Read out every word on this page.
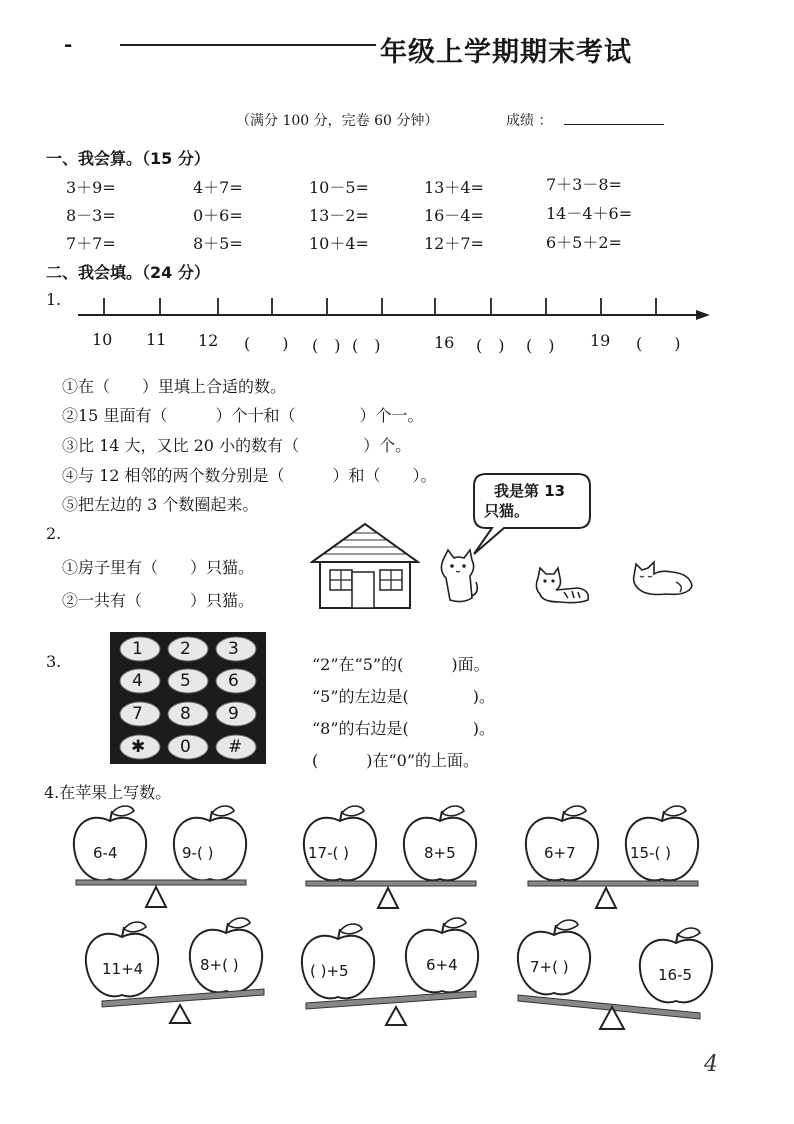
-	年级上学期期末考试
（满分 100 分，完卷 60 分钟）	成绩 ：
一、我会算。（15 分）
3＋9=	4＋7=	10－5=	13＋4=	7＋3－8=
8－3=	0＋6=	13－2=	16－4=	14－4＋6=
7＋7=	8＋5=	10＋4=	12＋7=	6＋5＋2=
二、我会填。（24 分）
1.
10 11 12 (　　) (　) (　)	16 (　) (　) 19 (　　)
①在（　　）里填上合适的数。
②15 里面有（　　　）个十和（　　　　）个一。
③比 14 大，又比 20 小的数有（　　　　）个。
④与 12 相邻的两个数分别是（　　　）和（　　）。
⑤把左边的 3 个数圈起来。
2.
①房子里有（　　）只猫。
②一共有（　　　）只猫。
我是第 13
只猫。
3.
1 2 3
4 5 6
7 8 9
✱ 0 #
“2”在“5”的(　　　)面。
“5”的左边是(　　　　)。
“8”的右边是(　　　　)。
(　　　)在“0”的上面。
4.在苹果上写数。
6-4	9-( )	17-( )	8+5	6+7	15-( )
11+4	8+( )	( )+5	6+4	7+( )	16-5
4
